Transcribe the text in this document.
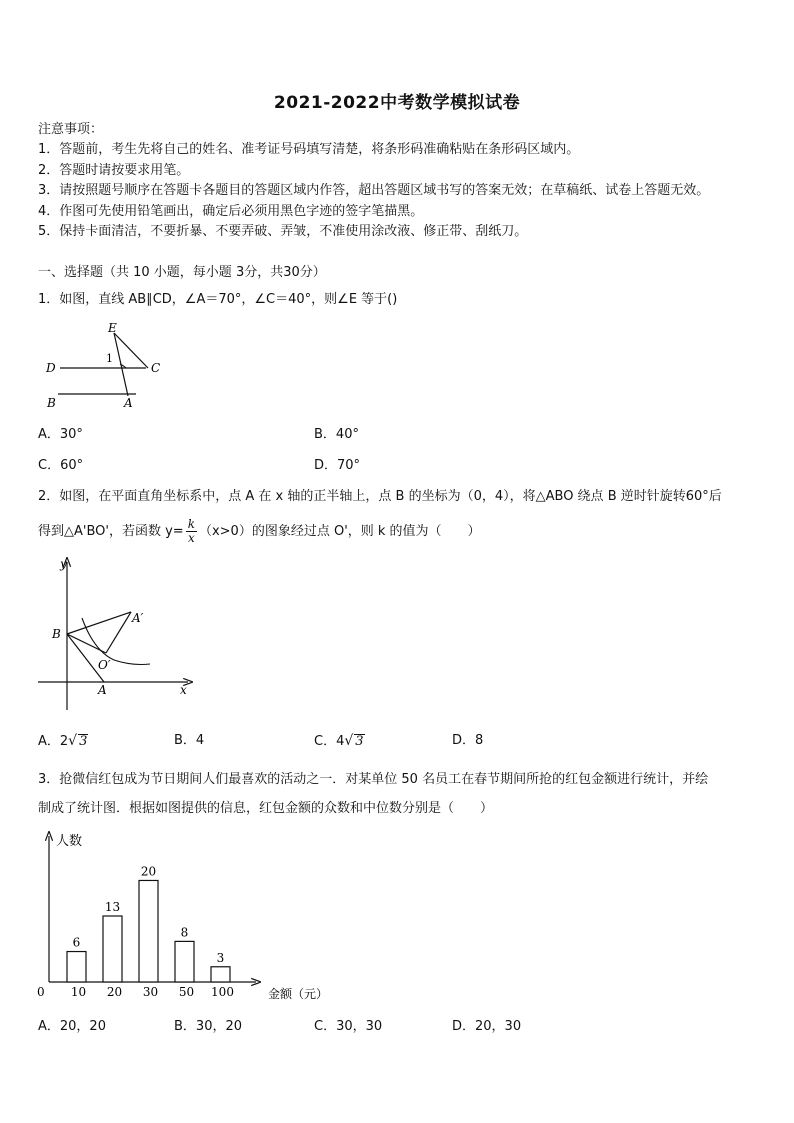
2021-2022中考数学模拟试卷
注意事项：
1．答题前，考生先将自己的姓名、准考证号码填写清楚，将条形码准确粘贴在条形码区域内。
2．答题时请按要求用笔。
3．请按照题号顺序在答题卡各题目的答题区域内作答，超出答题区域书写的答案无效；在草稿纸、试卷上答题无效。
4．作图可先使用铅笔画出，确定后必须用黑色字迹的签字笔描黑。
5．保持卡面清洁，不要折暴、不要弄破、弄皱，不准使用涂改液、修正带、刮纸刀。
一、选择题（共 10 小题，每小题 3分，共30分）
1．如图，直线 AB∥CD，∠A＝70°，∠C＝40°，则∠E 等于()
E
D	C
B	A
1
A．30°	B．40°
C．60°	D．70°
2．如图，在平面直角坐标系中，点 A 在 x 轴的正半轴上，点 B 的坐标为（0，4），将△ABO 绕点 B 逆时针旋转60°后
得到△A'BO'，若函数 $y= \frac{k}{x} (x>0)$的图象经过点 O'，则 k 的值为（　　）
y
x
B
A
A′
O′
A．2√ 3	B．4	C．4√ 3	D．8
3．抢微信红包成为节日期间人们最喜欢的活动之一．对某单位 50 名员工在春节期间所抢的红包金额进行统计，并绘
制成了统计图．根据如图提供的信息，红包金额的众数和中位数分别是（　　）
人数
金额（元）
0
6
10
13
20
20
30
8
50
3
100
A．20，20	B．30，20	C．30，30	D．20，30
